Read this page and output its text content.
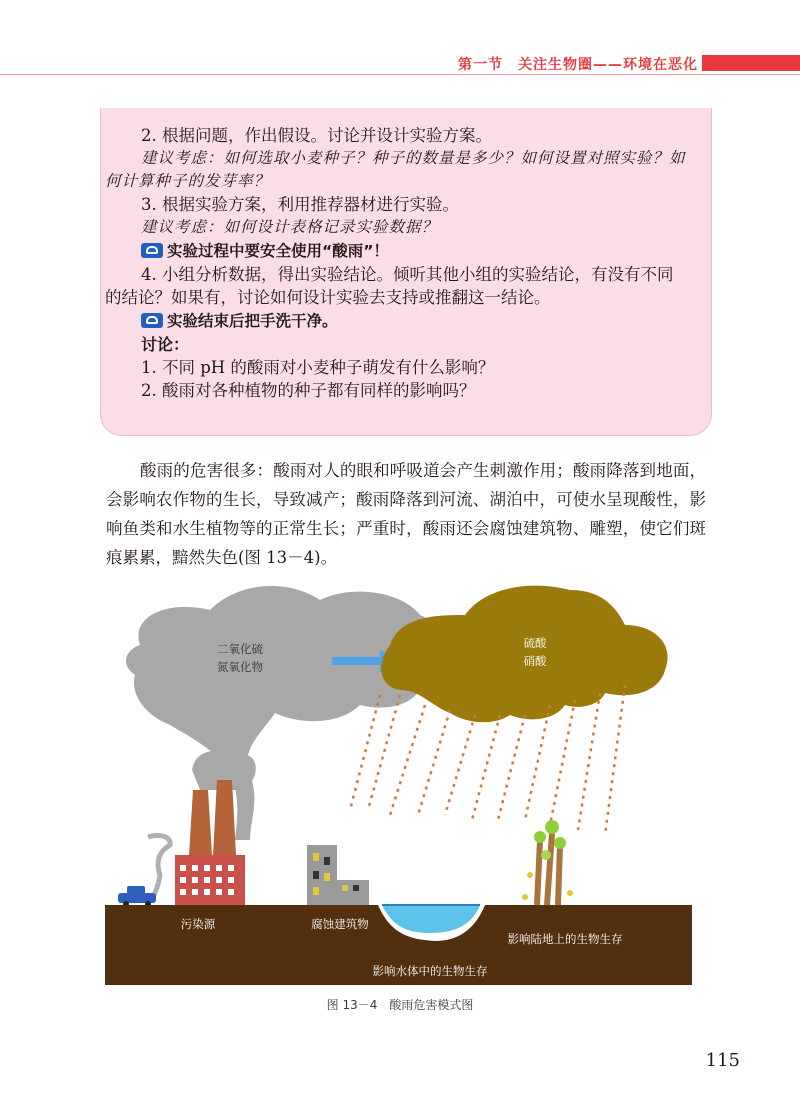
第一节　关注生物圈——环境在恶化

2. 根据问题，作出假设。讨论并设计实验方案。

建议考虑：如何选取小麦种子？种子的数量是多少？如何设置对照实验？如

何计算种子的发芽率？

3. 根据实验方案，利用推荐器材进行实验。

建议考虑：如何设计表格记录实验数据？

实验过程中要安全使用“酸雨”！

4. 小组分析数据，得出实验结论。倾听其他小组的实验结论，有没有不同

的结论？如果有，讨论如何设计实验去支持或推翻这一结论。

实验结束后把手洗干净。

讨论：

1. 不同 pH 的酸雨对小麦种子萌发有什么影响？

2. 酸雨对各种植物的种子都有同样的影响吗？

酸雨的危害很多：酸雨对人的眼和呼吸道会产生刺激作用；酸雨降落到地面，会影响农作物的生长，导致减产；酸雨降落到河流、湖泊中，可使水呈现酸性，影响鱼类和水生植物等的正常生长；严重时，酸雨还会腐蚀建筑物、雕塑，使它们斑痕累累，黯然失色(图 13－4)。

二氧化硫
氮氧化物
硫酸
硝酸
污染源	腐蚀建筑物
影响陆地上的生物生存
影响水体中的生物生存
图 13－4　酸雨危害模式图
115
